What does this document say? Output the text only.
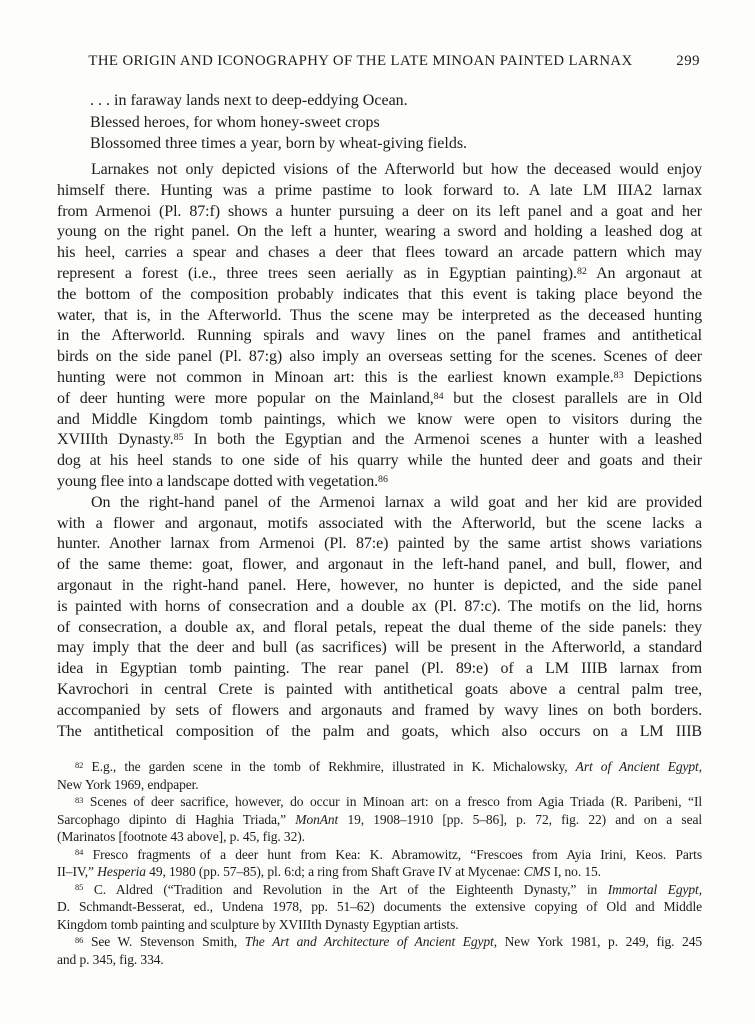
THE ORIGIN AND ICONOGRAPHY OF THE LATE MINOAN PAINTED LARNAX	299
. . . in faraway lands next to deep-eddying Ocean.
Blessed heroes, for whom honey-sweet crops
Blossomed three times a year, born by wheat-giving fields.
Larnakes not only depicted visions of the Afterworld but how the deceased would enjoy
himself there. Hunting was a prime pastime to look forward to. A late LM IIIA2 larnax
from Armenoi (Pl. 87:f) shows a hunter pursuing a deer on its left panel and a goat and her
young on the right panel. On the left a hunter, wearing a sword and holding a leashed dog at
his heel, carries a spear and chases a deer that flees toward an arcade pattern which may
represent a forest (i.e., three trees seen aerially as in Egyptian painting).$^{82}$ An argonaut at
the bottom of the composition probably indicates that this event is taking place beyond the
water, that is, in the Afterworld. Thus the scene may be interpreted as the deceased hunting
in the Afterworld. Running spirals and wavy lines on the panel frames and antithetical
birds on the side panel (Pl. 87:g) also imply an overseas setting for the scenes. Scenes of deer
hunting were not common in Minoan art: this is the earliest known example.$^{83}$ Depictions
of deer hunting were more popular on the Mainland,$^{84}$ but the closest parallels are in Old
and Middle Kingdom tomb paintings, which we know were open to visitors during the
XVIIIth Dynasty.$^{85}$ In both the Egyptian and the Armenoi scenes a hunter with a leashed
dog at his heel stands to one side of his quarry while the hunted deer and goats and their
young flee into a landscape dotted with vegetation.$^{86}$
On the right-hand panel of the Armenoi larnax a wild goat and her kid are provided
with a flower and argonaut, motifs associated with the Afterworld, but the scene lacks a
hunter. Another larnax from Armenoi (Pl. 87:e) painted by the same artist shows variations
of the same theme: goat, flower, and argonaut in the left-hand panel, and bull, flower, and
argonaut in the right-hand panel. Here, however, no hunter is depicted, and the side panel
is painted with horns of consecration and a double ax (Pl. 87:c). The motifs on the lid, horns
of consecration, a double ax, and floral petals, repeat the dual theme of the side panels: they
may imply that the deer and bull (as sacrifices) will be present in the Afterworld, a standard
idea in Egyptian tomb painting. The rear panel (Pl. 89:e) of a LM IIIB larnax from
Kavrochori in central Crete is painted with antithetical goats above a central palm tree,
accompanied by sets of flowers and argonauts and framed by wavy lines on both borders.
The antithetical composition of the palm and goats, which also occurs on a LM IIIB
$^{82}$ E.g., the garden scene in the tomb of Rekhmire, illustrated in K. Michalowsky, Art of Ancient Egypt,
New York 1969, endpaper.
$^{83}$ Scenes of deer sacrifice, however, do occur in Minoan art: on a fresco from Agia Triada (R. Paribeni, “Il
Sarcophago dipinto di Haghia Triada,” MonAnt 19, 1908–1910 [pp. 5–86], p. 72, fig. 22) and on a seal
(Marinatos [footnote 43 above], p. 45, fig. 32).
$^{84}$ Fresco fragments of a deer hunt from Kea: K. Abramowitz, “Frescoes from Ayia Irini, Keos. Parts
II–IV,” Hesperia 49, 1980 (pp. 57–85), pl. 6:d; a ring from Shaft Grave IV at Mycenae: CMS I, no. 15.
$^{85}$ C. Aldred (“Tradition and Revolution in the Art of the Eighteenth Dynasty,” in Immortal Egypt,
D. Schmandt-Besserat, ed., Undena 1978, pp. 51–62) documents the extensive copying of Old and Middle
Kingdom tomb painting and sculpture by XVIIIth Dynasty Egyptian artists.
$^{86}$ See W. Stevenson Smith, The Art and Architecture of Ancient Egypt, New York 1981, p. 249, fig. 245
and p. 345, fig. 334.
